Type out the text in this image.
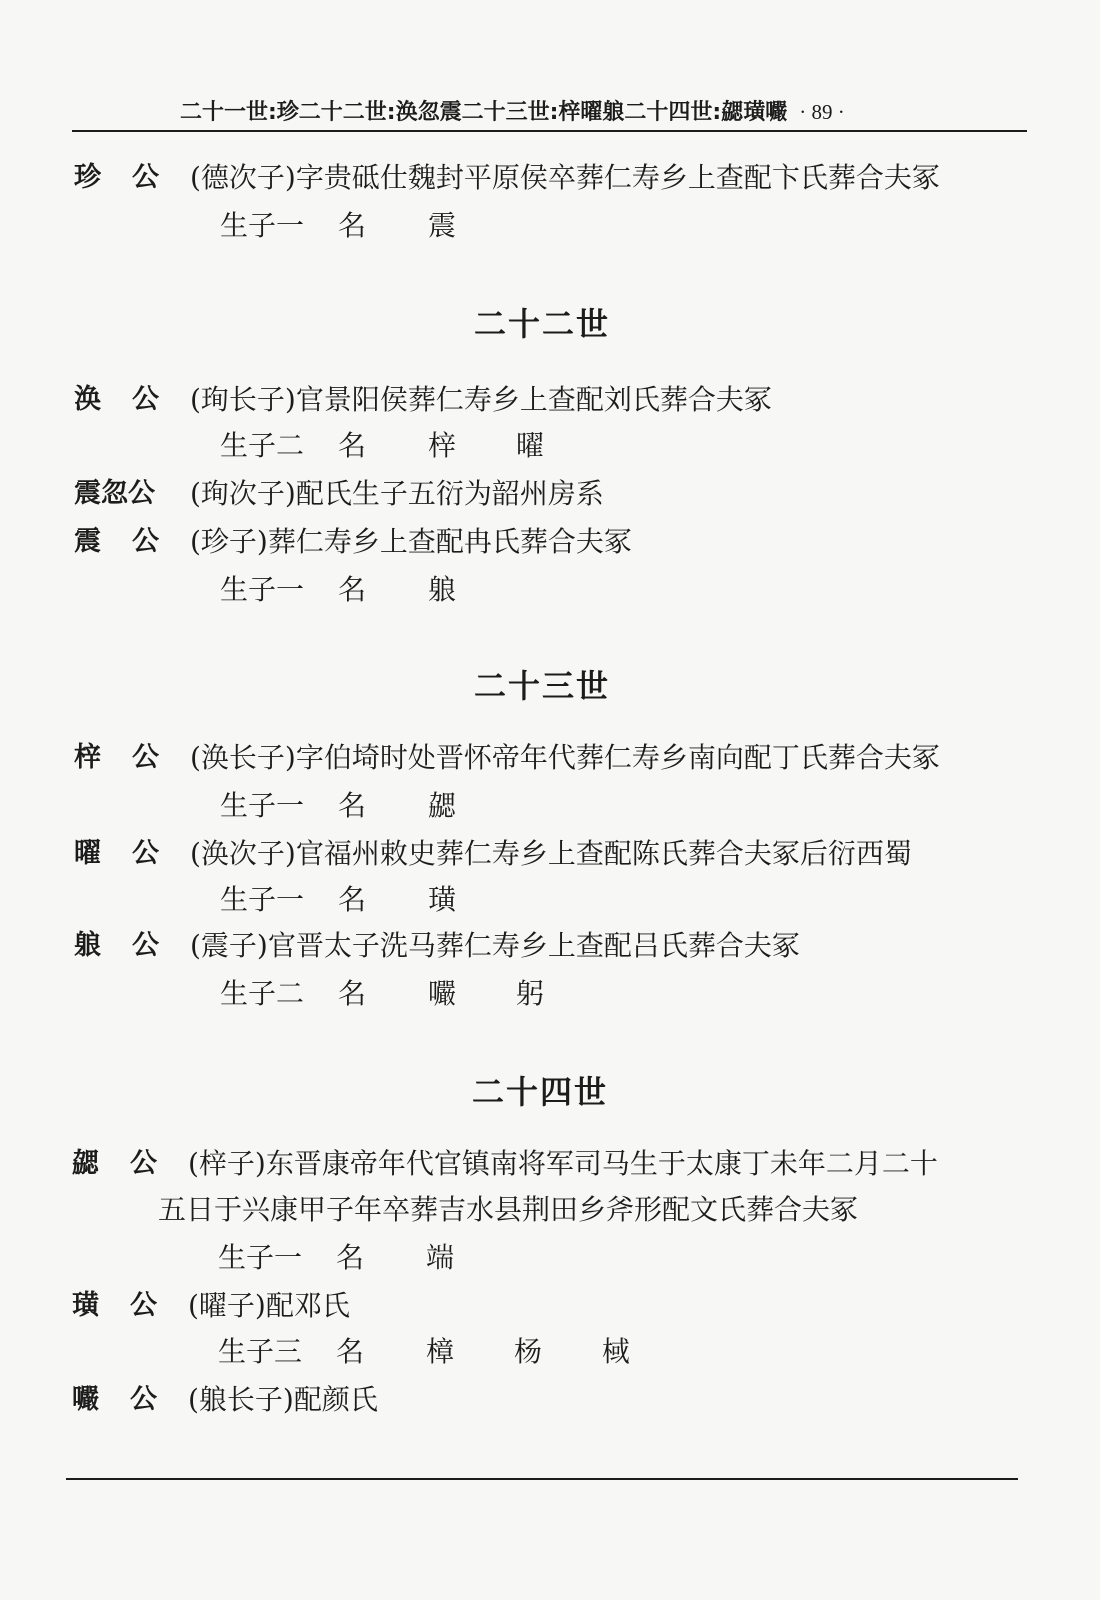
二十一世:珍二十二世:涣忽震二十三世:梓曜躴二十四世:勰璜㘙 · 89 ·
珍 公 (德次子)字贵砥仕魏封平原侯卒葬仁寿乡上查配卞氏葬合夫冢
生子一 名 震
二十二世
涣 公 (珣长子)官景阳侯葬仁寿乡上查配刘氏葬合夫冢
生子二 名 梓 曜
震忽公 (珣次子)配氏生子五衍为韶州房系
震 公 (珍子)葬仁寿乡上查配冉氏葬合夫冢
生子一 名 躴
二十三世
梓 公 (涣长子)字伯埼时处晋怀帝年代葬仁寿乡南向配丁氏葬合夫冢
生子一 名 勰
曜 公 (涣次子)官福州敕史葬仁寿乡上查配陈氏葬合夫冢后衍西蜀
生子一 名 璜
躴 公 (震子)官晋太子洗马葬仁寿乡上查配吕氏葬合夫冢
生子二 名 㘙 躬
二十四世
勰 公 (梓子)东晋康帝年代官镇南将军司马生于太康丁未年二月二十
五日于兴康甲子年卒葬吉水县荆田乡斧形配文氏葬合夫冢
生子一 名 端
璜 公 (曜子)配邓氏
生子三 名 樟 杨 棫
㘙 公 (躴长子)配颜氏
